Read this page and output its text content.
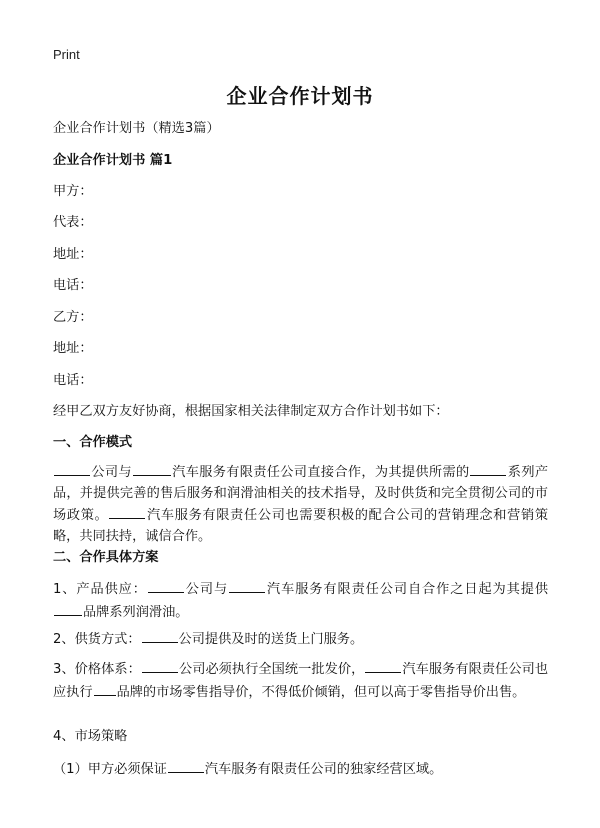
Print
企业合作计划书
企业合作计划书（精选3篇）
企业合作计划书 篇1
甲方：
代表：
地址：
电话：
乙方：
地址：
电话：
经甲乙双方友好协商，根据国家相关法律制定双方合作计划书如下：
一、合作模式
公司与	汽车服务有限责任公司直接合作，为其提供所需的	系列产品，并提供完善的售后服务和润滑油相关的技术指导，及时供货和完全贯彻公司的市场政策。	汽车服务有限责任公司也需要积极的配合公司的营销理念和营销策略，共同扶持，诚信合作。
二、合作具体方案
1、产品供应：	公司与	汽车服务有限责任公司自合作之日起为其提供品牌系列润滑油。
2、供货方式：	公司提供及时的送货上门服务。
3、价格体系：	公司必须执行全国统一批发价，	汽车服务有限责任公司也应执行 品牌的市场零售指导价，不得低价倾销，但可以高于零售指导价出售。
4、市场策略
（1）甲方必须保证	汽车服务有限责任公司的独家经营区域。
